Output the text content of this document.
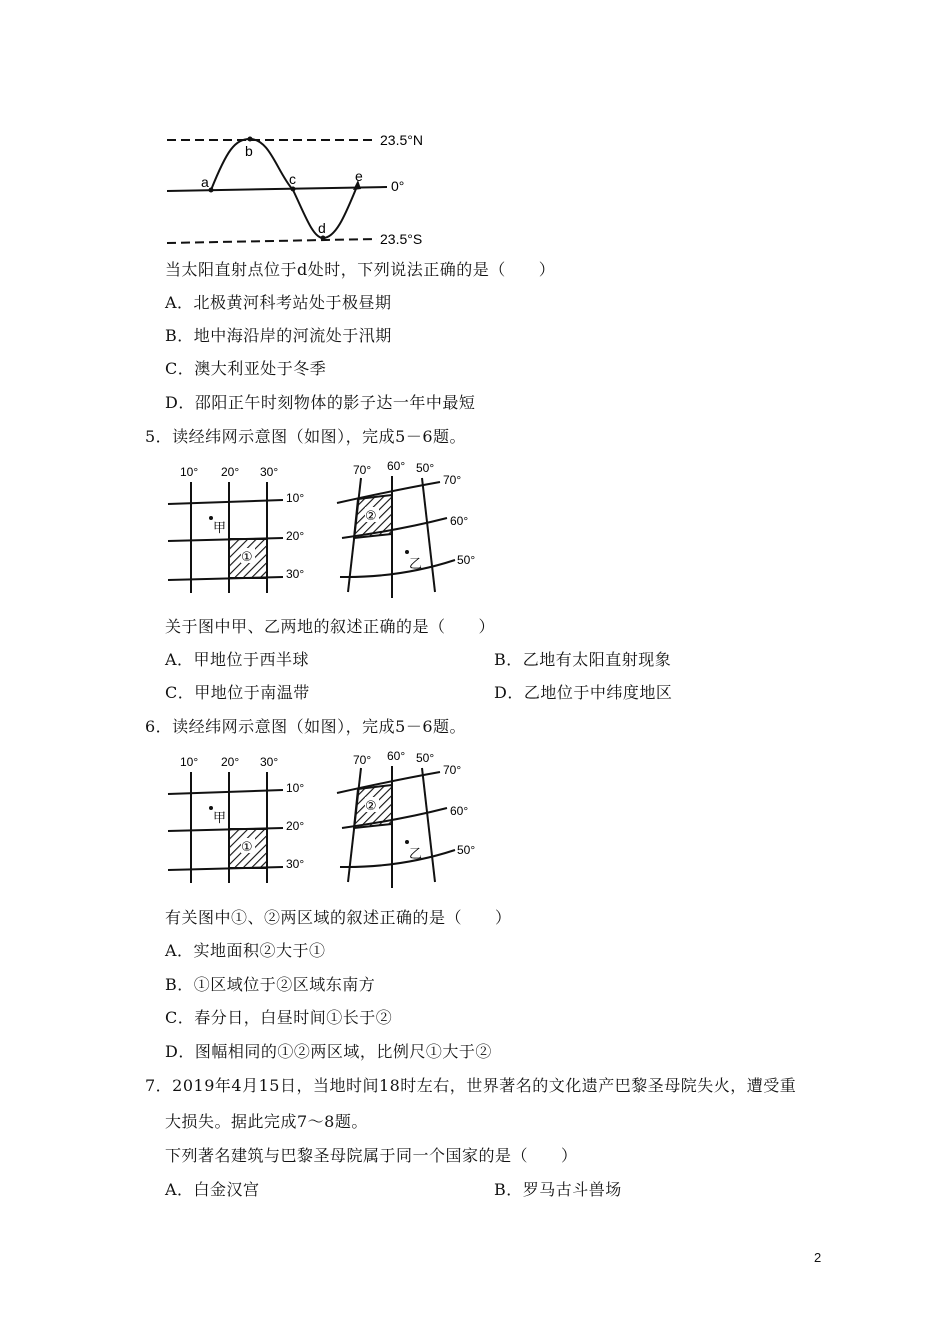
a
b
c
d
e
23.5°N
0°
23.5°S
当太阳直射点位于d处时，下列说法正确的是（　　）
A．北极黄河科考站处于极昼期
B．地中海沿岸的河流处于汛期
C．澳大利亚处于冬季
D．邵阳正午时刻物体的影子达一年中最短
5．读经纬网示意图（如图），完成5－6题。
10° 20° 30°
10°
20°
30°
①
甲
70° 60° 50°
70°
60°
50°
②
乙
关于图中甲、乙两地的叙述正确的是（　　）
A．甲地位于西半球	B．乙地有太阳直射现象
C．甲地位于南温带	D．乙地位于中纬度地区
6．读经纬网示意图（如图），完成5－6题。
10° 20° 30°
10°
20°
30°
①
甲
70° 60° 50°
70°
60°
50°
②
乙
有关图中①、②两区域的叙述正确的是（　　）
A．实地面积②大于①
B．①区域位于②区域东南方
C．春分日，白昼时间①长于②
D．图幅相同的①②两区域，比例尺①大于②
7．2019年4月15日，当地时间18时左右，世界著名的文化遗产巴黎圣母院失火，遭受重
大损失。据此完成7～8题。
下列著名建筑与巴黎圣母院属于同一个国家的是（　　）
A．白金汉宫	B．罗马古斗兽场
2
